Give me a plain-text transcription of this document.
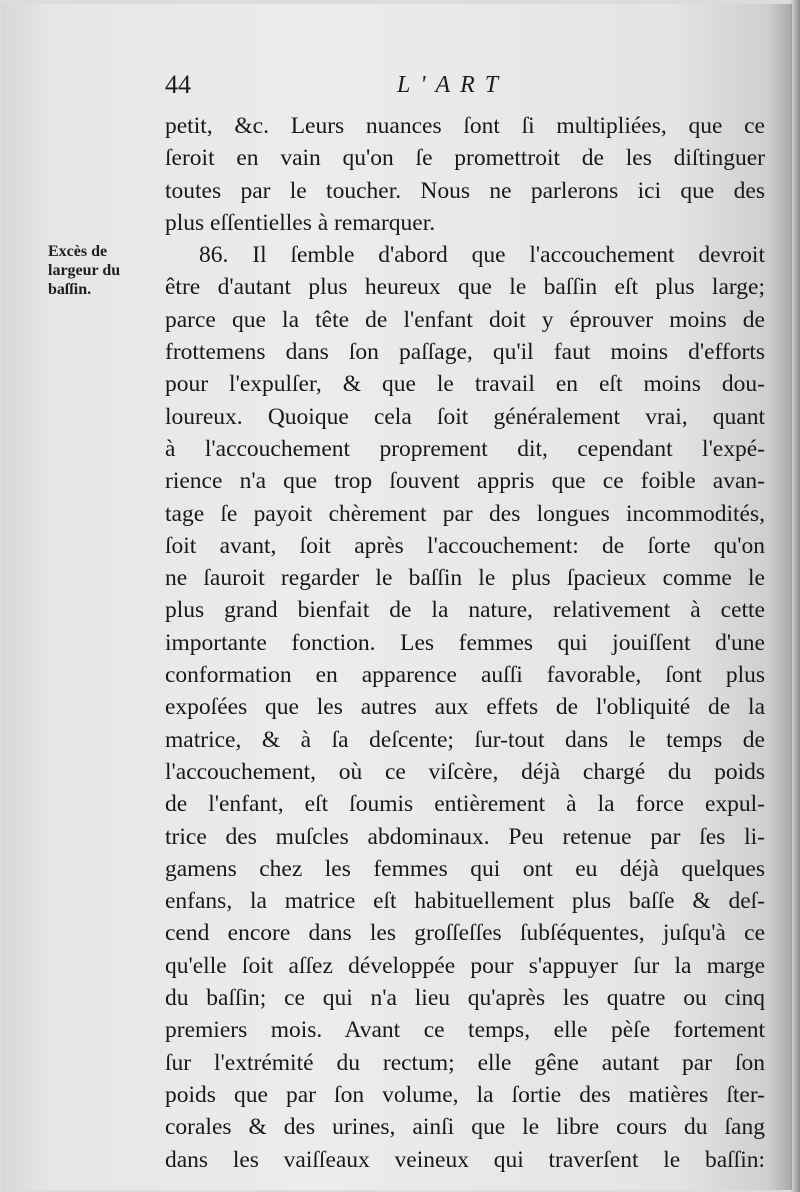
44	L'ART
Excès de
largeur du
baſſin.
petit, &c. Leurs nuances ſont ſi multipliées, que ce
ſeroit en vain qu'on ſe promettroit de les diſtinguer
toutes par le toucher. Nous ne parlerons ici que des
plus eſſentielles à remarquer.
86. Il ſemble d'abord que l'accouchement devroit
être d'autant plus heureux que le baſſin eſt plus large;
parce que la tête de l'enfant doit y éprouver moins de
frottemens dans ſon paſſage, qu'il faut moins d'efforts
pour l'expulſer, & que le travail en eſt moins dou-
loureux. Quoique cela ſoit généralement vrai, quant
à l'accouchement proprement dit, cependant l'expé-
rience n'a que trop ſouvent appris que ce foible avan-
tage ſe payoit chèrement par des longues incommodités,
ſoit avant, ſoit après l'accouchement: de ſorte qu'on
ne ſauroit regarder le baſſin le plus ſpacieux comme le
plus grand bienfait de la nature, relativement à cette
importante fonction. Les femmes qui jouiſſent d'une
conformation en apparence auſſi favorable, ſont plus
expoſées que les autres aux effets de l'obliquité de la
matrice, & à ſa deſcente; ſur-tout dans le temps de
l'accouchement, où ce viſcère, déjà chargé du poids
de l'enfant, eſt ſoumis entièrement à la force expul-
trice des muſcles abdominaux. Peu retenue par ſes li-
gamens chez les femmes qui ont eu déjà quelques
enfans, la matrice eſt habituellement plus baſſe & deſ-
cend encore dans les groſſeſſes ſubſéquentes, juſqu'à ce
qu'elle ſoit aſſez développée pour s'appuyer ſur la marge
du baſſin; ce qui n'a lieu qu'après les quatre ou cinq
premiers mois. Avant ce temps, elle pèſe fortement
ſur l'extrémité du rectum; elle gêne autant par ſon
poids que par ſon volume, la ſortie des matières ſter-
corales & des urines, ainſi que le libre cours du ſang
dans les vaiſſeaux veineux qui traverſent le baſſin:
